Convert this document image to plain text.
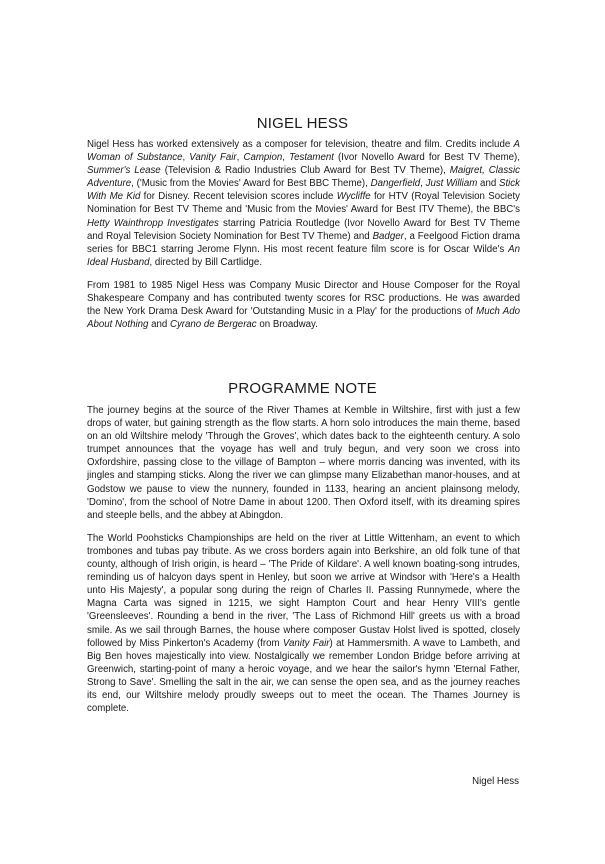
NIGEL HESS

Nigel Hess has worked extensively as a composer for television, theatre and film. Credits include A Woman of Substance, Vanity Fair, Campion, Testament (Ivor Novello Award for Best TV Theme), Summer's Lease (Television & Radio Industries Club Award for Best TV Theme), Maigret, Classic Adventure, ('Music from the Movies' Award for Best BBC Theme), Dangerfield, Just William and Stick With Me Kid for Disney. Recent television scores include Wycliffe for HTV (Royal Television Society Nomination for Best TV Theme and 'Music from the Movies' Award for Best ITV Theme), the BBC's Hetty Wainthropp Investigates starring Patricia Routledge (Ivor Novello Award for Best TV Theme and Royal Television Society Nomination for Best TV Theme) and Badger, a Feelgood Fiction drama series for BBC1 starring Jerome Flynn. His most recent feature film score is for Oscar Wilde's An Ideal Husband, directed by Bill Cartlidge.

From 1981 to 1985 Nigel Hess was Company Music Director and House Composer for the Royal Shakespeare Company and has contributed twenty scores for RSC productions. He was awarded the New York Drama Desk Award for 'Outstanding Music in a Play' for the productions of Much Ado About Nothing and Cyrano de Bergerac on Broadway.

PROGRAMME NOTE

The journey begins at the source of the River Thames at Kemble in Wiltshire, first with just a few drops of water, but gaining strength as the flow starts. A horn solo introduces the main theme, based on an old Wiltshire melody 'Through the Groves', which dates back to the eighteenth century. A solo trumpet announces that the voyage has well and truly begun, and very soon we cross into Oxfordshire, passing close to the village of Bampton – where morris dancing was invented, with its jingles and stamping sticks. Along the river we can glimpse many Elizabethan manor-houses, and at Godstow we pause to view the nunnery, founded in 1133, hearing an ancient plainsong melody, 'Domino', from the school of Notre Dame in about 1200. Then Oxford itself, with its dreaming spires and steeple bells, and the abbey at Abingdon.

The World Poohsticks Championships are held on the river at Little Wittenham, an event to which trombones and tubas pay tribute. As we cross borders again into Berkshire, an old folk tune of that county, although of Irish origin, is heard – 'The Pride of Kildare'. A well known boating-song intrudes, reminding us of halcyon days spent in Henley, but soon we arrive at Windsor with 'Here's a Health unto His Majesty', a popular song during the reign of Charles II. Passing Runnymede, where the Magna Carta was signed in 1215, we sight Hampton Court and hear Henry VIII's gentle 'Greensleeves'. Rounding a bend in the river, 'The Lass of Richmond Hill' greets us with a broad smile. As we sail through Barnes, the house where composer Gustav Holst lived is spotted, closely followed by Miss Pinkerton's Academy (from Vanity Fair) at Hammersmith. A wave to Lambeth, and Big Ben hoves majestically into view. Nostalgically we remember London Bridge before arriving at Greenwich, starting-point of many a heroic voyage, and we hear the sailor's hymn 'Eternal Father, Strong to Save'. Smelling the salt in the air, we can sense the open sea, and as the journey reaches its end, our Wiltshire melody proudly sweeps out to meet the ocean. The Thames Journey is complete.

Nigel Hess
